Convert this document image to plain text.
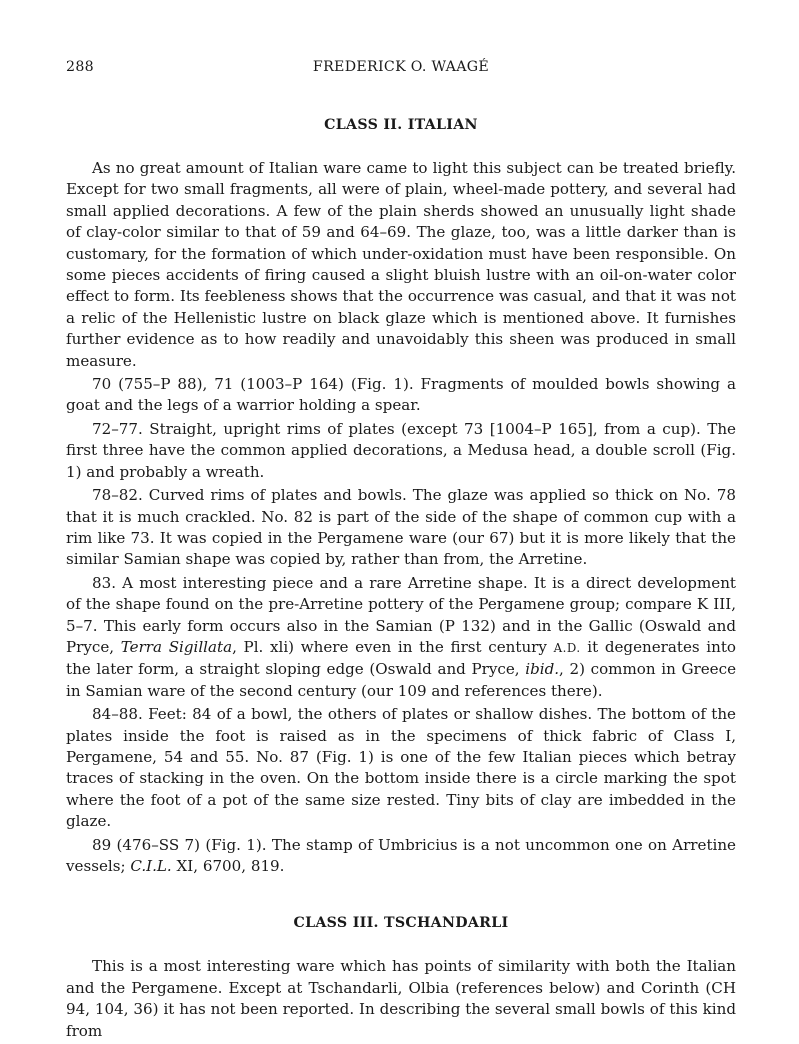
288	FREDERICK O. WAAGÉ
CLASS II. ITALIAN

As no great amount of Italian ware came to light this subject can be treated briefly. Except for two small fragments, all were of plain, wheel-made pottery, and several had small applied decorations. A few of the plain sherds showed an unusually light shade of clay-color similar to that of 59 and 64–69. The glaze, too, was a little darker than is customary, for the formation of which under-oxidation must have been responsible. On some pieces accidents of firing caused a slight bluish lustre with an oil-on-water color effect to form. Its feebleness shows that the occurrence was casual, and that it was not a relic of the Hellenistic lustre on black glaze which is mentioned above. It furnishes further evidence as to how readily and unavoidably this sheen was produced in small measure.

70 (755–P 88), 71 (1003–P 164) (Fig. 1). Fragments of moulded bowls showing a goat and the legs of a warrior holding a spear.

72–77. Straight, upright rims of plates (except 73 [1004–P 165], from a cup). The first three have the common applied decorations, a Medusa head, a double scroll (Fig. 1) and probably a wreath.

78–82. Curved rims of plates and bowls. The glaze was applied so thick on No. 78 that it is much crackled. No. 82 is part of the side of the shape of common cup with a rim like 73. It was copied in the Pergamene ware (our 67) but it is more likely that the similar Samian shape was copied by, rather than from, the Arretine.

83. A most interesting piece and a rare Arretine shape. It is a direct development of the shape found on the pre-Arretine pottery of the Pergamene group; compare K III, 5–7. This early form occurs also in the Samian (P 132) and in the Gallic (Oswald and Pryce, Terra Sigillata, Pl. xli) where even in the first century A.D. it degenerates into the later form, a straight sloping edge (Oswald and Pryce, ibid., 2) common in Greece in Samian ware of the second century (our 109 and references there).

84–88. Feet: 84 of a bowl, the others of plates or shallow dishes. The bottom of the plates inside the foot is raised as in the specimens of thick fabric of Class I, Pergamene, 54 and 55. No. 87 (Fig. 1) is one of the few Italian pieces which betray traces of stacking in the oven. On the bottom inside there is a circle marking the spot where the foot of a pot of the same size rested. Tiny bits of clay are imbedded in the glaze.

89 (476–SS 7) (Fig. 1). The stamp of Umbricius is a not uncommon one on Arretine vessels; C.I.L. XI, 6700, 819.

CLASS III. TSCHANDARLI

This is a most interesting ware which has points of similarity with both the Italian and the Pergamene. Except at Tschandarli, Olbia (references below) and Corinth (CH 94, 104, 36) it has not been reported. In describing the several small bowls of this kind from
